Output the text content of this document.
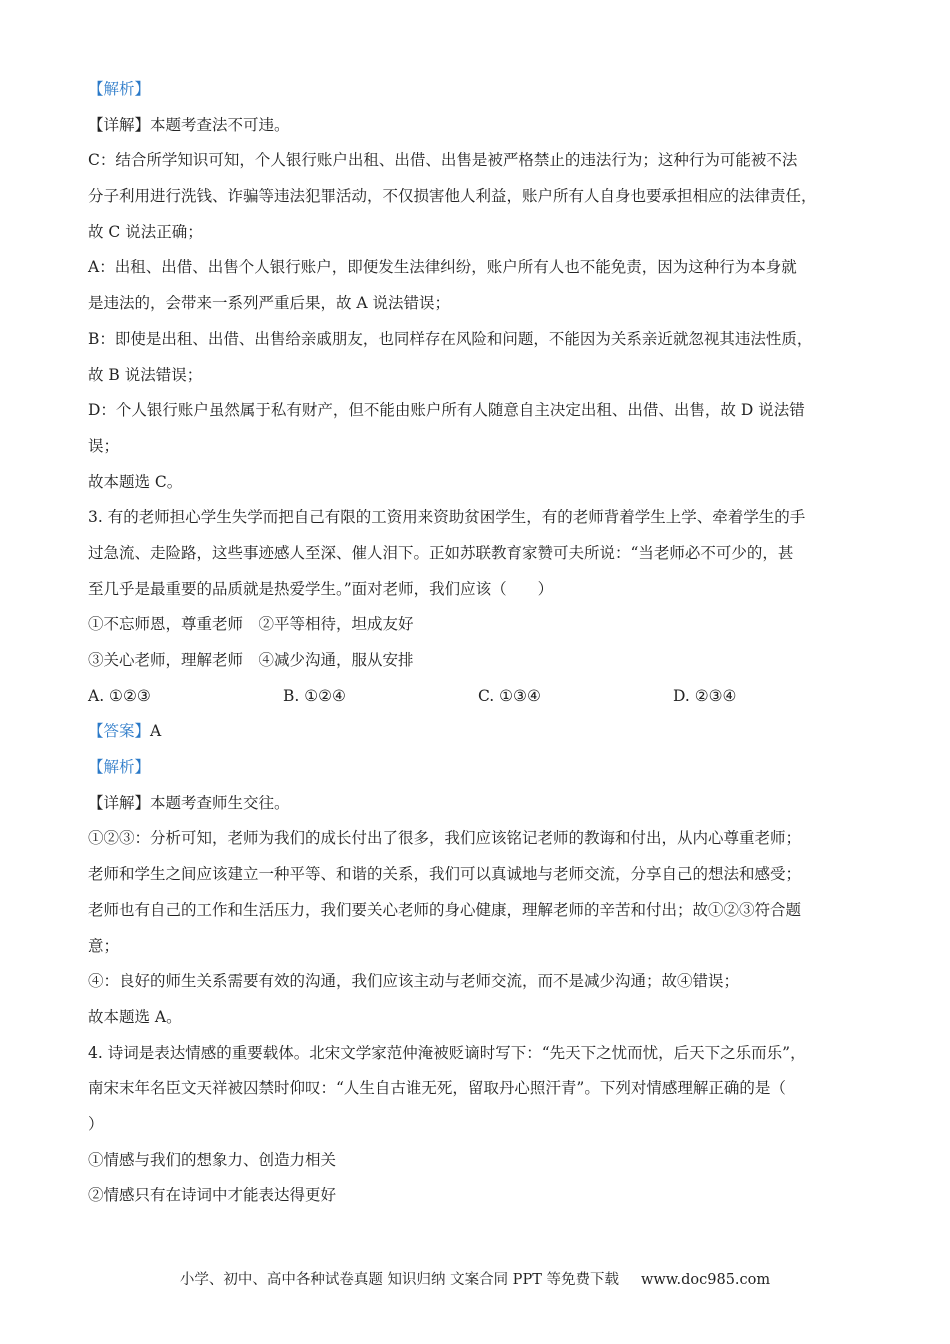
【解析】
【详解】本题考查法不可违。
C：结合所学知识可知，个人银行账户出租、出借、出售是被严格禁止的违法行为；这种行为可能被不法
分子利用进行洗钱、诈骗等违法犯罪活动，不仅损害他人利益，账户所有人自身也要承担相应的法律责任，
故 C 说法正确；
A：出租、出借、出售个人银行账户，即便发生法律纠纷，账户所有人也不能免责，因为这种行为本身就
是违法的，会带来一系列严重后果，故 A 说法错误；
B：即使是出租、出借、出售给亲戚朋友，也同样存在风险和问题，不能因为关系亲近就忽视其违法性质，
故 B 说法错误；
D：个人银行账户虽然属于私有财产，但不能由账户所有人随意自主决定出租、出借、出售，故 D 说法错
误；
故本题选 C。
3. 有的老师担心学生失学而把自己有限的工资用来资助贫困学生，有的老师背着学生上学、牵着学生的手
过急流、走险路，这些事迹感人至深、催人泪下。正如苏联教育家赞可夫所说：“当老师必不可少的，甚
至几乎是最重要的品质就是热爱学生。”面对老师，我们应该（　　）
①不忘师恩，尊重老师　②平等相待，坦成友好
③关心老师，理解老师　④减少沟通，服从安排
A. ①②③	B. ①②④	C. ①③④	D. ②③④
【答案】A
【解析】
【详解】本题考查师生交往。
①②③：分析可知，老师为我们的成长付出了很多，我们应该铭记老师的教诲和付出，从内心尊重老师；
老师和学生之间应该建立一种平等、和谐的关系，我们可以真诚地与老师交流，分享自己的想法和感受；
老师也有自己的工作和生活压力，我们要关心老师的身心健康，理解老师的辛苦和付出；故①②③符合题
意；
④：良好的师生关系需要有效的沟通，我们应该主动与老师交流，而不是减少沟通；故④错误；
故本题选 A。
4. 诗词是表达情感的重要载体。北宋文学家范仲淹被贬谪时写下：“先天下之忧而忧，后天下之乐而乐”，
南宋末年名臣文天祥被囚禁时仰叹：“人生自古谁无死，留取丹心照汗青”。下列对情感理解正确的是（
）
①情感与我们的想象力、创造力相关
②情感只有在诗词中才能表达得更好
小学、初中、高中各种试卷真题 知识归纳 文案合同 PPT 等免费下载 www.doc985.com
